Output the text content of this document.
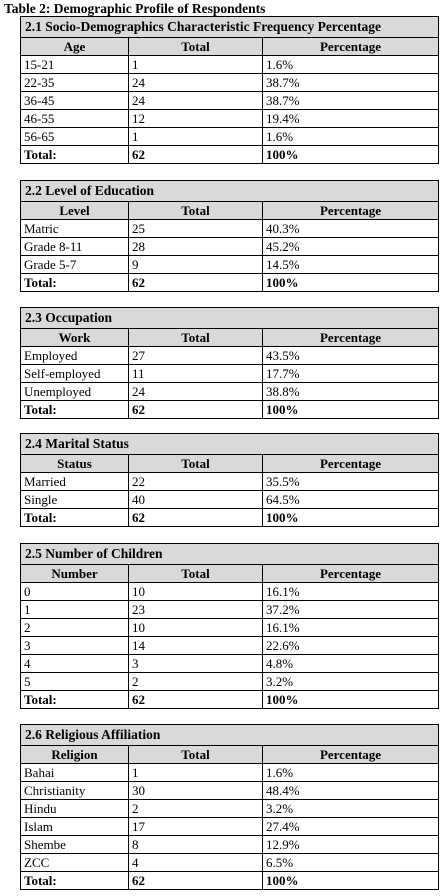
Table 2: Demographic Profile of Respondents
2.1 Socio-Demographics Characteristic Frequency Percentage		
Age	Total	Percentage
15-21	1	1.6%
22-35	24	38.7%
36-45	24	38.7%
46-55	12	19.4%
56-65	1	1.6%
Total:	62	100%
2.2 Level of Education		
Level	Total	Percentage
Matric	25	40.3%
Grade 8-11	28	45.2%
Grade 5-7	9	14.5%
Total:	62	100%
2.3 Occupation		
Work	Total	Percentage
Employed	27	43.5%
Self-employed	11	17.7%
Unemployed	24	38.8%
Total:	62	100%
2.4 Marital Status		
Status	Total	Percentage
Married	22	35.5%
Single	40	64.5%
Total:	62	100%
2.5 Number of Children		
Number	Total	Percentage
0	10	16.1%
1	23	37.2%
2	10	16.1%
3	14	22.6%
4	3	4.8%
5	2	3.2%
Total:	62	100%
2.6 Religious Affiliation		
Religion	Total	Percentage
Bahai	1	1.6%
Christianity	30	48.4%
Hindu	2	3.2%
Islam	17	27.4%
Shembe	8	12.9%
ZCC	4	6.5%
Total:	62	100%
